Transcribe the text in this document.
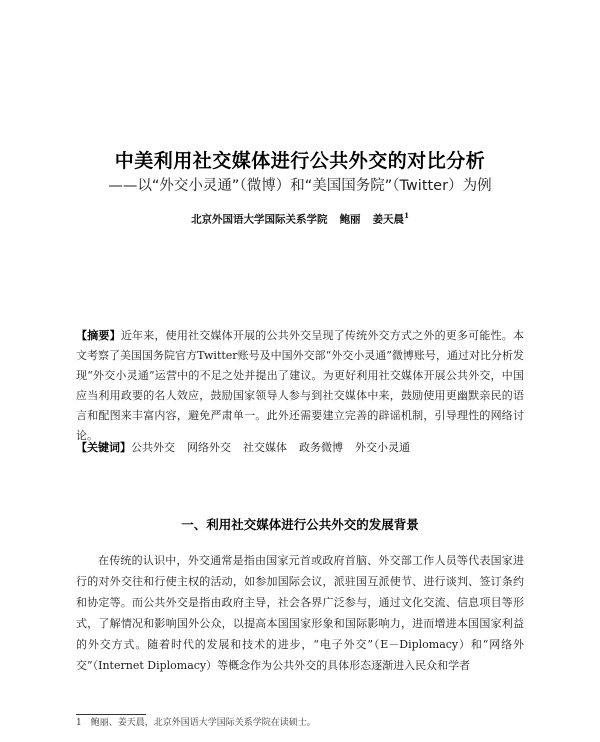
中美利用社交媒体进行公共外交的对比分析
——以“外交小灵通”（微博）和“美国国务院”（Twitter）为例
北京外国语大学国际关系学院 鲍丽 姜天晨$^1$
【摘要】近年来，使用社交媒体开展的公共外交呈现了传统外交方式之外的更多可能性。本文考察了美国国务院官方Twitter账号及中国外交部“外交小灵通”微博账号，通过对比分析发现“外交小灵通”运营中的不足之处并提出了建议。为更好利用社交媒体开展公共外交，中国应当利用政要的名人效应，鼓励国家领导人参与到社交媒体中来，鼓励使用更幽默亲民的语言和配图来丰富内容，避免严肃单一。此外还需要建立完善的辟谣机制，引导理性的网络讨论。
【关键词】公共外交 网络外交 社交媒体 政务微博 外交小灵通
一、利用社交媒体进行公共外交的发展背景
在传统的认识中，外交通常是指由国家元首或政府首脑、外交部工作人员等代表国家进行的对外交往和行使主权的活动，如参加国际会议，派驻国互派使节、进行谈判、签订条约和协定等。而公共外交是指由政府主导，社会各界广泛参与，通过文化交流、信息项目等形式，了解情况和影响国外公众，以提高本国国家形象和国际影响力，进而增进本国国家利益的外交方式。随着时代的发展和技术的进步，“电子外交”（E－Diplomacy）和“网络外交”（Internet Diplomacy）等概念作为公共外交的具体形态逐渐进入民众和学者
1　鲍丽、姜天晨，北京外国语大学国际关系学院在读硕士。
